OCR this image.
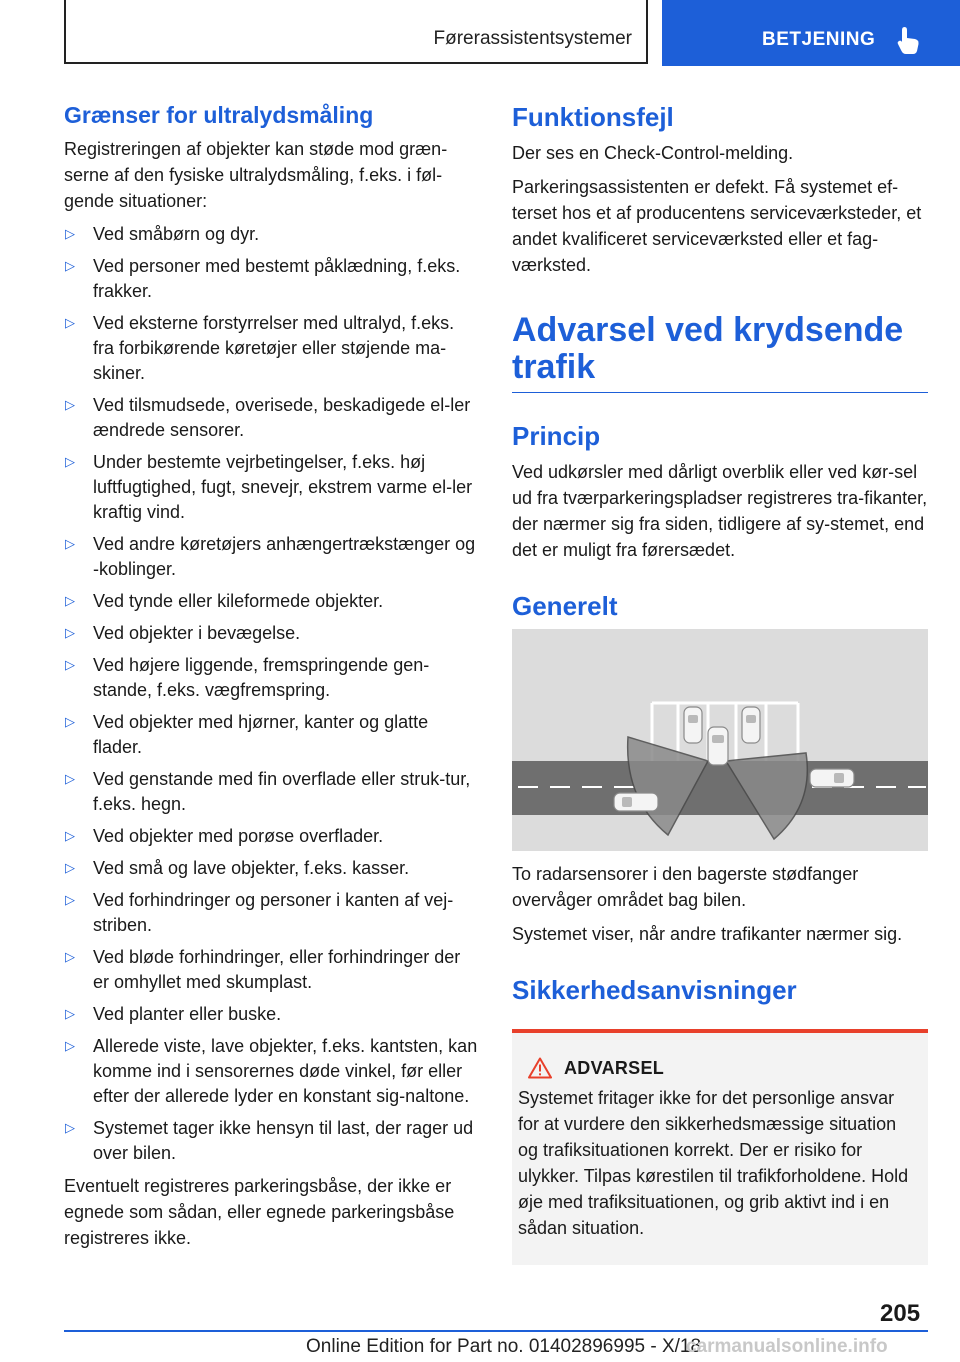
Førerassistentsystemer	BETJENING
Grænser for ultralydsmåling

Registreringen af objekter kan støde mod græn-serne af den fysiske ultralydsmåling, f.eks. i føl-gende situationer:

▷ Ved småbørn og dyr.
▷ Ved personer med bestemt påklædning, f.eks. frakker.
▷ Ved eksterne forstyrrelser med ultralyd, f.eks. fra forbikørende køretøjer eller støjende ma-skiner.
▷ Ved tilsmudsede, overisede, beskadigede el-ler ændrede sensorer.
▷ Under bestemte vejrbetingelser, f.eks. høj luftfugtighed, fugt, snevejr, ekstrem varme el-ler kraftig vind.
▷ Ved andre køretøjers anhængertrækstænger og -koblinger.
▷ Ved tynde eller kileformede objekter.
▷ Ved objekter i bevægelse.
▷ Ved højere liggende, fremspringende gen-stande, f.eks. vægfremspring.
▷ Ved objekter med hjørner, kanter og glatte flader.
▷ Ved genstande med fin overflade eller struk-tur, f.eks. hegn.
▷ Ved objekter med porøse overflader.
▷ Ved små og lave objekter, f.eks. kasser.
▷ Ved forhindringer og personer i kanten af vej-striben.
▷ Ved bløde forhindringer, eller forhindringer der er omhyllet med skumplast.
▷ Ved planter eller buske.
▷ Allerede viste, lave objekter, f.eks. kantsten, kan komme ind i sensorernes døde vinkel, før eller efter der allerede lyder en konstant sig-naltone.
▷ Systemet tager ikke hensyn til last, der rager ud over bilen.

Eventuelt registreres parkeringsbåse, der ikke er egnede som sådan, eller egnede parkeringsbåse registreres ikke.

Funktionsfejl

Der ses en Check-Control-melding.

Parkeringsassistenten er defekt. Få systemet ef-terset hos et af producentens serviceværksteder, et andet kvalificeret serviceværksted eller et fag-værksted.

Advarsel ved krydsende
trafik
Princip

Ved udkørsler med dårligt overblik eller ved kør-sel ud fra tværparkeringspladser registreres tra-fikanter, der nærmer sig fra siden, tidligere af sy-stemet, end det er muligt fra førersædet.

Generelt

To radarsensorer i den bagerste stødfanger overvåger området bag bilen.

Systemet viser, når andre trafikanter nærmer sig.

Sikkerhedsanvisninger
ADVARSEL

Systemet fritager ikke for det personlige ansvar for at vurdere den sikkerhedsmæssige situation og trafiksituationen korrekt. Der er risiko for ulykker. Tilpas kørestilen til trafikforholdene. Hold øje med trafiksituationen, og grib aktivt ind i en sådan situation.

205
Online Edition for Part no. 01402896995 - X/18
carmanualsonline.info
